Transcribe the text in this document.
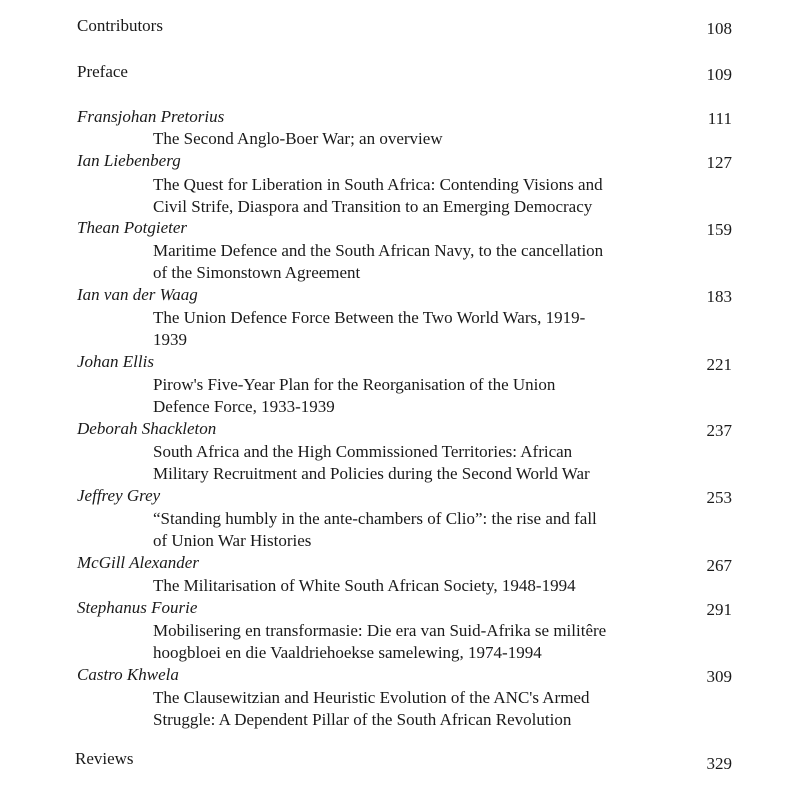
Contributors	108
Preface	109
Fransjohan Pretorius	111
The Second Anglo-Boer War; an overview
Ian Liebenberg	127
The Quest for Liberation in South Africa: Contending Visions and
Civil Strife, Diaspora and Transition to an Emerging Democracy
Thean Potgieter	159
Maritime Defence and the South African Navy, to the cancellation
of the Simonstown Agreement
Ian van der Waag	183
The Union Defence Force Between the Two World Wars, 1919-
1939
Johan Ellis	221
Pirow's Five-Year Plan for the Reorganisation of the Union
Defence Force, 1933-1939
Deborah Shackleton	237
South Africa and the High Commissioned Territories: African
Military Recruitment and Policies during the Second World War
Jeffrey Grey	253
“Standing humbly in the ante-chambers of Clio”: the rise and fall
of Union War Histories
McGill Alexander	267
The Militarisation of White South African Society, 1948-1994
Stephanus Fourie	291
Mobilisering en transformasie: Die era van Suid-Afrika se militêre
hoogbloei en die Vaaldriehoekse samelewing, 1974-1994
Castro Khwela	309
The Clausewitzian and Heuristic Evolution of the ANC's Armed
Struggle: A Dependent Pillar of the South African Revolution
Reviews	329
